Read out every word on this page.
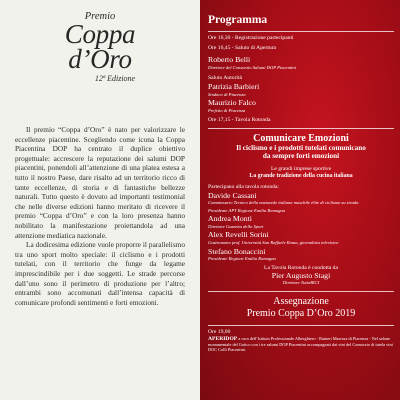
Premio
Coppa
d’Oro
12ª Edizione

Il premio “Coppa d’Oro” è nato per valorizzare le eccellenze piacentine. Scegliendo come icona la Coppa Piacentina DOP ha centrato il duplice obiettivo progettuale: accrescere la reputazione dei salumi DOP piacentini, ponendoli all’attenzione di una platea estesa a tutto il nostro Paese, dare risalto ad un territorio ricco di tante eccellenze, di storia e di fantastiche bellezze naturali. Tutto questo è dovuto ad importanti testimonial che nelle diverse edizioni hanno meritato di ricevere il premio “Coppa d’Oro” e con la loro presenza hanno nobilitato la manifestazione proiettandola ad una attenzione mediatica nazionale.

La dodicesima edizione vuole proporre il parallelismo tra uno sport molto speciale: il ciclismo e i prodotti tutelati, con il territorio che funge da legame imprescindibile per i due soggetti. Le strade percorse dall’uno sono il perimetro di produzione per l’altro; entrambi sono accomunati dall’intensa capacità di comunicare profondi sentimenti e forti emozioni.

Programma
Ore 16,30 - Registrazione partecipanti
Ore 16,45 - Saluto di Apertura
Roberto Belli
Direttore del Consorzio Salumi DOP Piacentini
Saluto Autorità
Patrizia Barbieri
Sindaco di Piacenza
Maurizio Falco
Prefetto di Piacenza
Ore 17,15 - Tavola Rotonda
Comunicare Emozioni
Il ciclismo e i prodotti tutelati comunicano
da sempre forti emozioni
Le grandi imprese sportive
La grande tradizione della cucina italiana
Partecipano alla tavola rotonda:
Davide Cassani
Commissario Tecnico della nazionale italiana maschile élite di ciclismo su strada
Presidente APT Regione Emilia Romagna
Andrea Monti
Direttore Gazzetta dello Sport
Alex Revelli Sorini
Gastronomo prof. Università San Raffaele Roma, giornalista televisivo
Stefano Bonaccini
Presidente Regione Emilia Romagna
La Tavola Rotonda è condotta da
Pier Augusto Stagi
Direttore TuttoBICI
Assegnazione
Premio Coppa D’Oro 2019
Ore 19,00
APERIDOP a cura dell’Istituto Professionale Alberghiero - Raineri Marcora di Piacenza - Nel salone monumentale del Gotico con i tre salumi DOP Piacentini accompagnati dai vini del Consorzio di tutela vini DOC Colli Piacentini.
